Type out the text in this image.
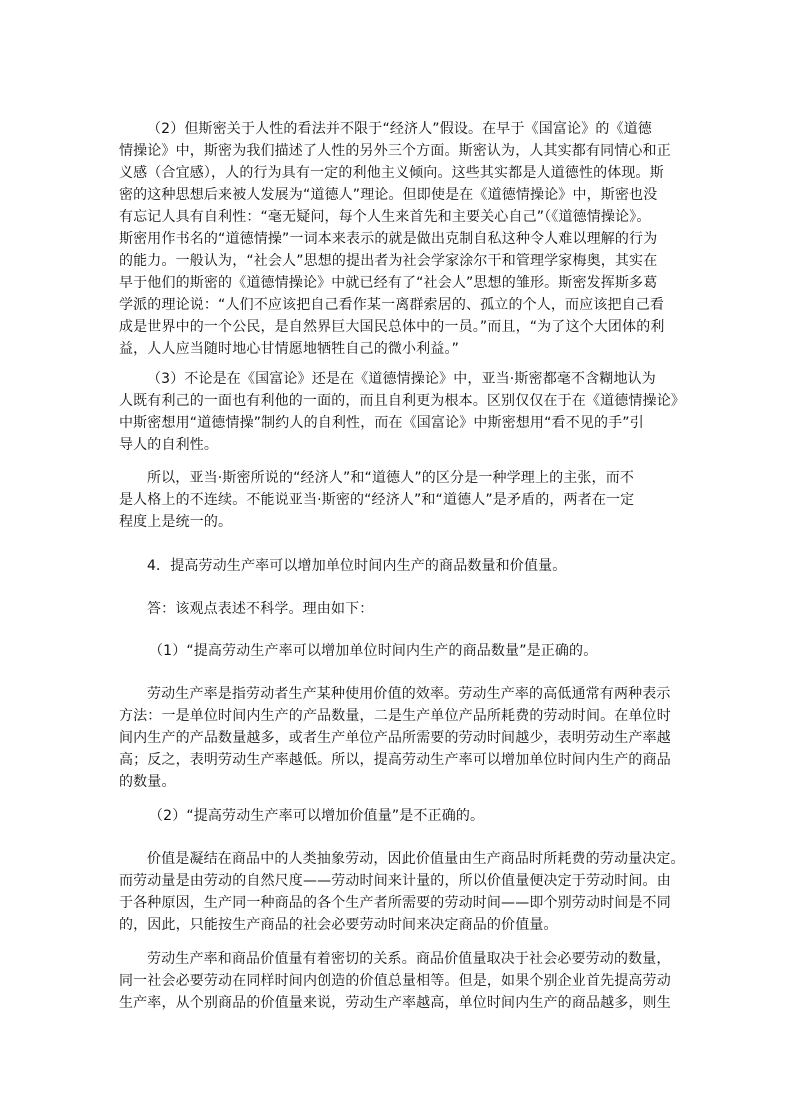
（2）但斯密关于人性的看法并不限于“经济人”假设。在早于《国富论》的《道德
情操论》中，斯密为我们描述了人性的另外三个方面。斯密认为，人其实都有同情心和正
义感（合宜感），人的行为具有一定的利他主义倾向。这些其实都是人道德性的体现。斯
密的这种思想后来被人发展为“道德人”理论。但即使是在《道德情操论》中，斯密也没
有忘记人具有自利性：“毫无疑问，每个人生来首先和主要关心自己”（《道德情操论》。
斯密用作书名的“道德情操”一词本来表示的就是做出克制自私这种令人难以理解的行为
的能力。一般认为，“社会人”思想的提出者为社会学家涂尔干和管理学家梅奥，其实在
早于他们的斯密的《道德情操论》中就已经有了“社会人”思想的雏形。斯密发挥斯多葛
学派的理论说：“人们不应该把自己看作某一离群索居的、孤立的个人，而应该把自己看
成是世界中的一个公民，是自然界巨大国民总体中的一员。”而且，“为了这个大团体的利
益，人人应当随时地心甘情愿地牺牲自己的微小利益。”
（3）不论是在《国富论》还是在《道德情操论》中，亚当·斯密都毫不含糊地认为
人既有利己的一面也有利他的一面的，而且自利更为根本。区别仅仅在于在《道德情操论》
中斯密想用“道德情操”制约人的自利性，而在《国富论》中斯密想用“看不见的手”引
导人的自利性。
所以，亚当·斯密所说的“经济人”和“道德人”的区分是一种学理上的主张，而不
是人格上的不连续。不能说亚当·斯密的“经济人”和“道德人”是矛盾的，两者在一定
程度上是统一的。
4．提高劳动生产率可以增加单位时间内生产的商品数量和价值量。
答：该观点表述不科学。理由如下：
（1）“提高劳动生产率可以增加单位时间内生产的商品数量”是正确的。
劳动生产率是指劳动者生产某种使用价值的效率。劳动生产率的高低通常有两种表示
方法：一是单位时间内生产的产品数量，二是生产单位产品所耗费的劳动时间。在单位时
间内生产的产品数量越多，或者生产单位产品所需要的劳动时间越少，表明劳动生产率越
高；反之，表明劳动生产率越低。所以，提高劳动生产率可以增加单位时间内生产的商品
的数量。
（2）“提高劳动生产率可以增加价值量”是不正确的。
价值是凝结在商品中的人类抽象劳动，因此价值量由生产商品时所耗费的劳动量决定。
而劳动量是由劳动的自然尺度——劳动时间来计量的，所以价值量便决定于劳动时间。由
于各种原因，生产同一种商品的各个生产者所需要的劳动时间——即个别劳动时间是不同
的，因此，只能按生产商品的社会必要劳动时间来决定商品的价值量。
劳动生产率和商品价值量有着密切的关系。商品价值量取决于社会必要劳动的数量，
同一社会必要劳动在同样时间内创造的价值总量相等。但是，如果个别企业首先提高劳动
生产率，从个别商品的价值量来说，劳动生产率越高，单位时间内生产的商品越多，则生
